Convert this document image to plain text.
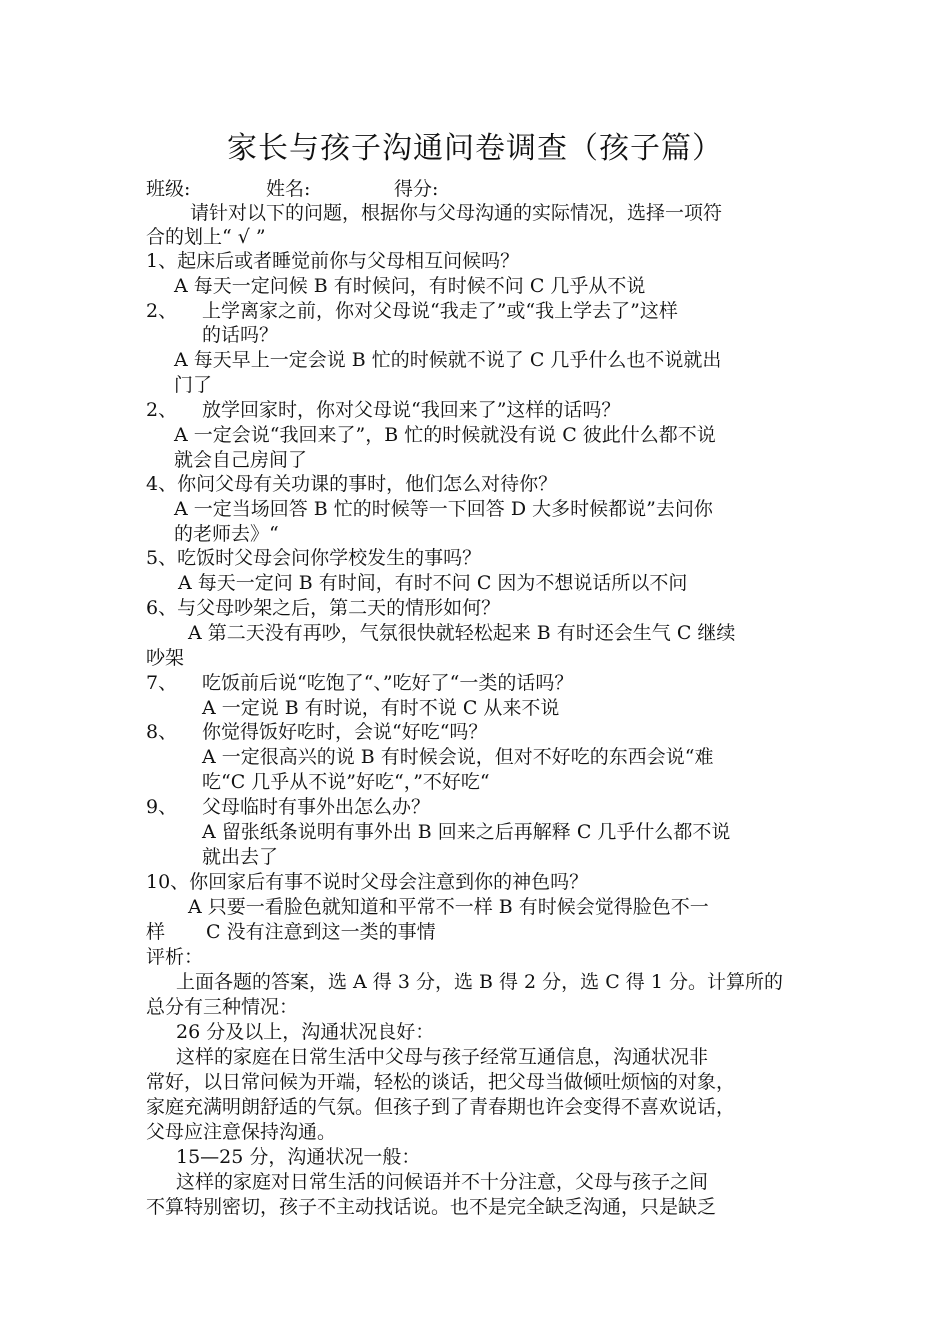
家长与孩子沟通问卷调查（孩子篇）
班级:	姓名:	得分:
请针对以下的问题，根据你与父母沟通的实际情况，选择一项符
合的划上“ √ ”
1、起床后或者睡觉前你与父母相互问候吗？
A 每天一定问候 B 有时候问，有时候不问 C 几乎从不说
2、 上学离家之前，你对父母说“我走了”或“我上学去了”这样
的话吗？
A 每天早上一定会说 B 忙的时候就不说了 C 几乎什么也不说就出
门了
2、 放学回家时，你对父母说“我回来了”这样的话吗？
A 一定会说“我回来了”，B 忙的时候就没有说 C 彼此什么都不说
就会自己房间了
4、你问父母有关功课的事时，他们怎么对待你？
A 一定当场回答 B 忙的时候等一下回答 D 大多时候都说”去问你
的老师去》“
5、吃饭时父母会问你学校发生的事吗？
A 每天一定问 B 有时间，有时不问 C 因为不想说话所以不问
6、与父母吵架之后，第二天的情形如何？
A 第二天没有再吵，气氛很快就轻松起来 B 有时还会生气 C 继续
吵架
7、 吃饭前后说“吃饱了“、”吃好了“一类的话吗？
A 一定说 B 有时说，有时不说 C 从来不说
8、 你觉得饭好吃时，会说“好吃“吗？
A 一定很高兴的说 B 有时候会说，但对不好吃的东西会说“难
吃“C 几乎从不说”好吃“，”不好吃“
9、 父母临时有事外出怎么办？
A 留张纸条说明有事外出 B 回来之后再解释 C 几乎什么都不说
就出去了
10、你回家后有事不说时父母会注意到你的神色吗？
A 只要一看脸色就知道和平常不一样 B 有时候会觉得脸色不一
样 C 没有注意到这一类的事情
评析：
上面各题的答案，选 A 得 3 分，选 B 得 2 分，选 C 得 1 分。计算所的
总分有三种情况：
26 分及以上，沟通状况良好：
这样的家庭在日常生活中父母与孩子经常互通信息，沟通状况非
常好，以日常问候为开端，轻松的谈话，把父母当做倾吐烦恼的对象，
家庭充满明朗舒适的气氛。但孩子到了青春期也许会变得不喜欢说话，
父母应注意保持沟通。
15—25 分，沟通状况一般：
这样的家庭对日常生活的问候语并不十分注意，父母与孩子之间
不算特别密切，孩子不主动找话说。也不是完全缺乏沟通，只是缺乏
